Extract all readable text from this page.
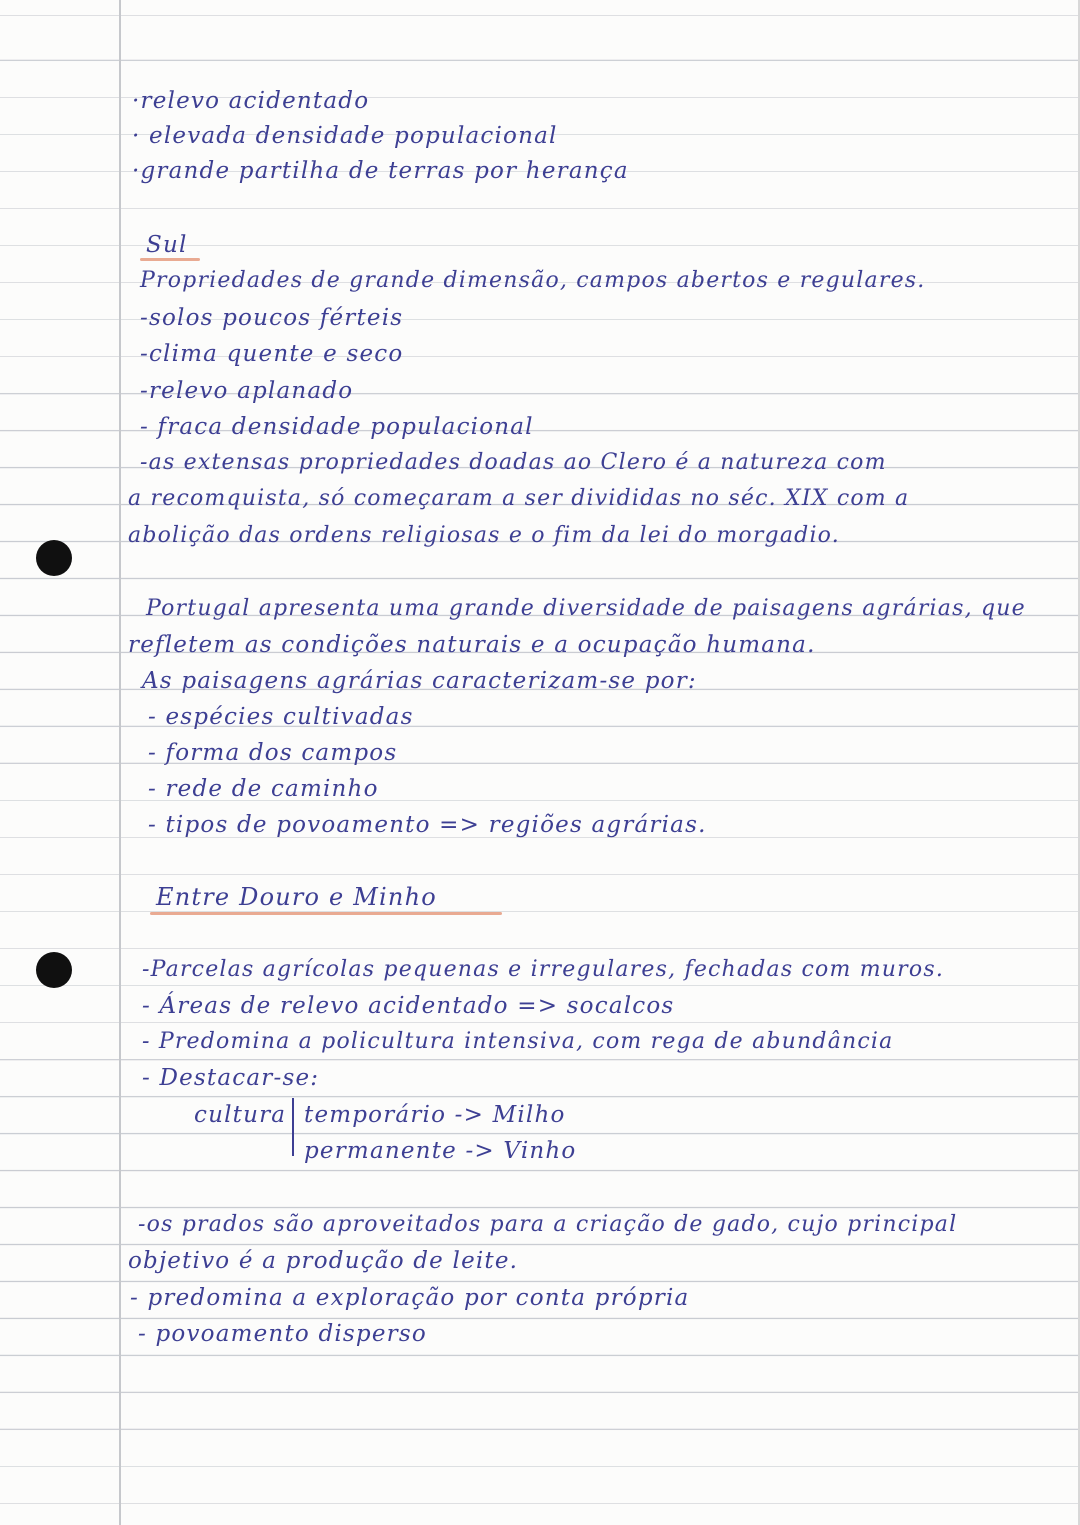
·relevo acidentado

· elevada densidade populacional

·grande partilha de terras por herança

Sul

Propriedades de grande dimensão, campos abertos e regulares.

-solos poucos férteis

-clima quente e seco

-relevo aplanado

- fraca densidade populacional

-as extensas propriedades doadas ao Clero é a natureza com

a recomquista, só começaram a ser divididas no séc. XIX com a

abolição das ordens religiosas e o fim da lei do morgadio.

Portugal apresenta uma grande diversidade de paisagens agrárias, que

refletem as condições naturais e a ocupação humana.

As paisagens agrárias caracterizam-se por:

- espécies cultivadas

- forma dos campos

- rede de caminho

- tipos de povoamento => regiões agrárias.

Entre Douro e Minho

-Parcelas agrícolas pequenas e irregulares, fechadas com muros.

- Áreas de relevo acidentado => socalcos

- Predomina a policultura intensiva, com rega de abundância

- Destacar-se:

cultura temporário -> Milho

permanente -> Vinho

-os prados são aproveitados para a criação de gado, cujo principal

objetivo é a produção de leite.

- predomina a exploração por conta própria

- povoamento disperso
